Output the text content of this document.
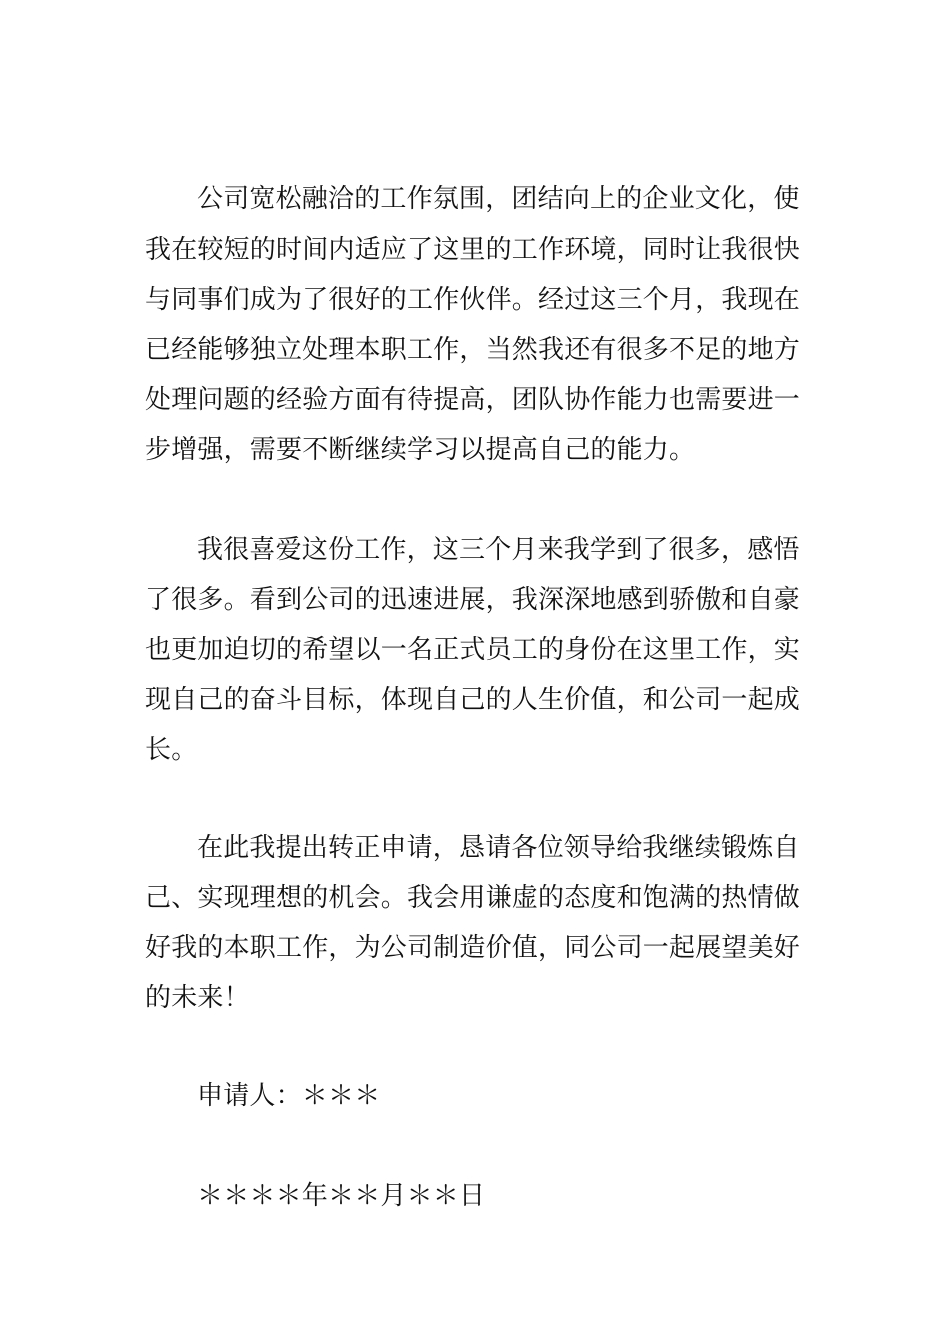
公司宽松融洽的工作氛围，团结向上的企业文化，使
我在较短的时间内适应了这里的工作环境，同时让我很快
与同事们成为了很好的工作伙伴。经过这三个月，我现在
已经能够独立处理本职工作，当然我还有很多不足的地方
处理问题的经验方面有待提高，团队协作能力也需要进一
步增强，需要不断继续学习以提高自己的能力。
我很喜爱这份工作，这三个月来我学到了很多，感悟
了很多。看到公司的迅速进展，我深深地感到骄傲和自豪
也更加迫切的希望以一名正式员工的身份在这里工作，实
现自己的奋斗目标，体现自己的人生价值，和公司一起成
长。
在此我提出转正申请，恳请各位领导给我继续锻炼自
己、实现理想的机会。我会用谦虚的态度和饱满的热情做
好我的本职工作，为公司制造价值，同公司一起展望美好
的未来！
申请人：＊＊＊
＊＊＊＊年＊＊月＊＊日
